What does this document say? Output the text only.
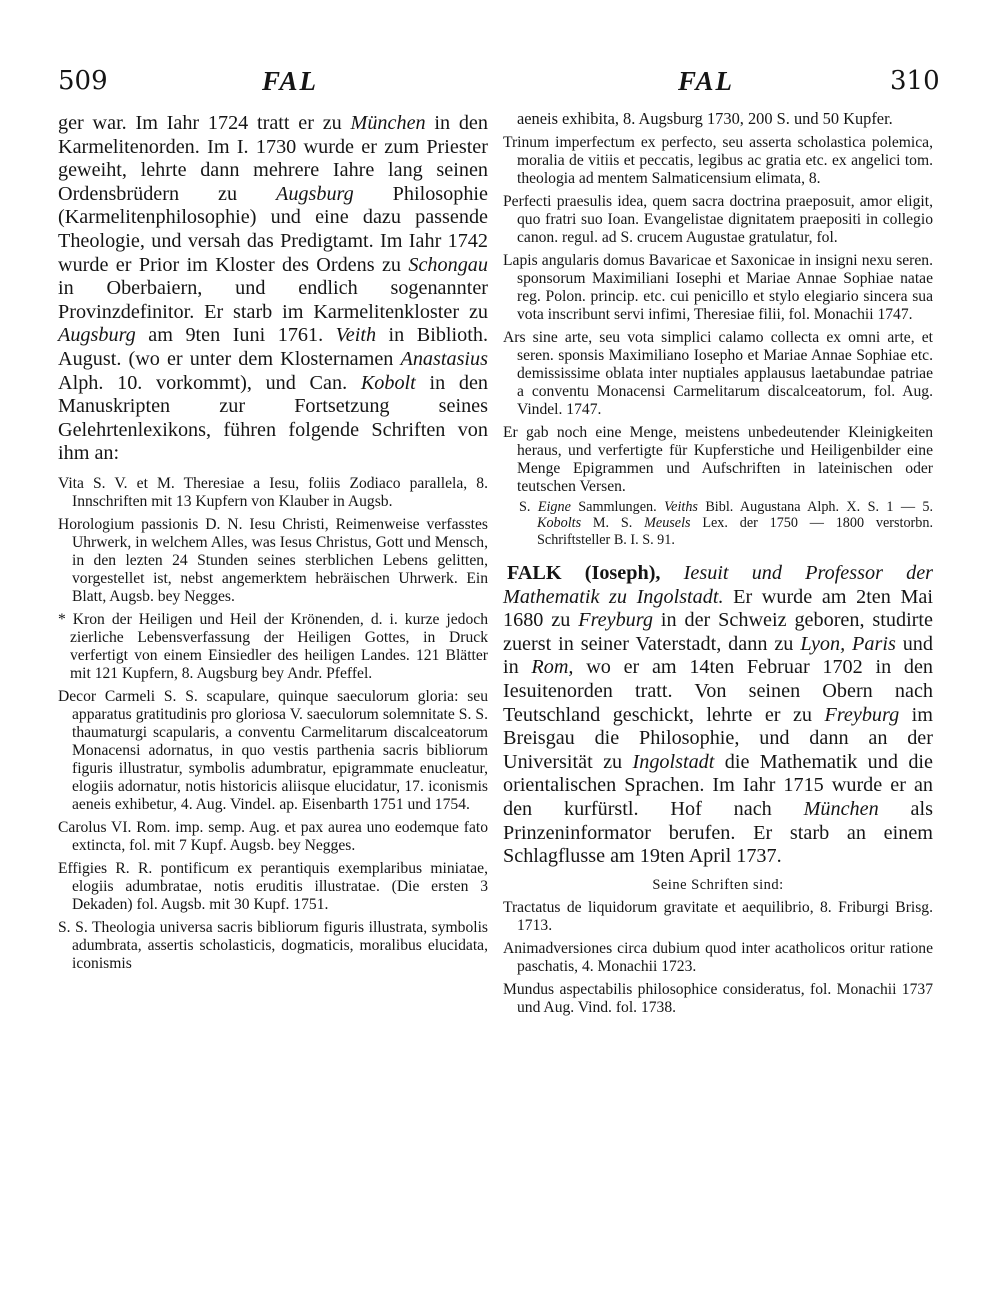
509	FAL	FAL	310
ger war. Im Iahr 1724 tratt er zu München in den Karmelitenorden. Im I. 1730 wurde er zum Priester geweiht, lehrte dann mehrere Iahre lang seinen Ordensbrüdern zu Augsburg Philosophie (Karmelitenphilosophie) und eine dazu passende Theologie, und versah das Predigtamt. Im Iahr 1742 wurde er Prior im Kloster des Ordens zu Schongau in Oberbaiern, und endlich sogenannter Provinzdefinitor. Er starb im Karmelitenkloster zu Augsburg am 9ten Iuni 1761. Veith in Biblioth. August. (wo er unter dem Klosternamen Anastasius Alph. 10. vorkommt), und Can. Kobolt in den Manuskripten zur Fortsetzung seines Gelehrtenlexikons, führen folgende Schriften von ihm an:
Vita S. V. et M. Theresiae a Iesu, foliis Zodiaco parallela, 8. Innschriften mit 13 Kupfern von Klauber in Augsb.
Horologium passionis D. N. Iesu Christi, Reimenweise verfasstes Uhrwerk, in welchem Alles, was Iesus Christus, Gott und Mensch, in den lezten 24 Stunden seines sterblichen Lebens gelitten, vorgestellet ist, nebst angemerktem hebräischen Uhrwerk. Ein Blatt, Augsb. bey Negges.
* Kron der Heiligen und Heil der Krönenden, d. i. kurze jedoch zierliche Lebensverfassung der Heiligen Gottes, in Druck verfertigt von einem Einsiedler des heiligen Landes. 121 Blätter mit 121 Kupfern, 8. Augsburg bey Andr. Pfeffel.
Decor Carmeli S. S. scapulare, quinque saeculorum gloria: seu apparatus gratitudinis pro gloriosa V. saeculorum solemnitate S. S. thaumaturgi scapularis, a conventu Carmelitarum discalceatorum Monacensi adornatus, in quo vestis parthenia sacris bibliorum figuris illustratur, symbolis adumbratur, epigrammate enucleatur, elogiis adornatur, notis historicis aliisque elucidatur, 17. iconismis aeneis exhibetur, 4. Aug. Vindel. ap. Eisenbarth 1751 und 1754.
Carolus VI. Rom. imp. semp. Aug. et pax aurea uno eodemque fato extincta, fol. mit 7 Kupf. Augsb. bey Negges.
Effigies R. R. pontificum ex perantiquis exemplaribus miniatae, elogiis adumbratae, notis eruditis illustratae. (Die ersten 3 Dekaden) fol. Augsb. mit 30 Kupf. 1751.
S. S. Theologia universa sacris bibliorum figuris illustrata, symbolis adumbrata, assertis scholasticis, dogmaticis, moralibus elucidata, iconismis
aeneis exhibita, 8. Augsburg 1730, 200 S. und 50 Kupfer.
Trinum imperfectum ex perfecto, seu asserta scholastica polemica, moralia de vitiis et peccatis, legibus ac gratia etc. ex angelici tom. theologia ad mentem Salmaticensium elimata, 8.
Perfecti praesulis idea, quem sacra doctrina praeposuit, amor eligit, quo fratri suo Ioan. Evangelistae dignitatem praepositi in collegio canon. regul. ad S. crucem Augustae gratulatur, fol.
Lapis angularis domus Bavaricae et Saxonicae in insigni nexu seren. sponsorum Maximiliani Iosephi et Mariae Annae Sophiae natae reg. Polon. princip. etc. cui penicillo et stylo elegiario sincera sua vota inscribunt servi infimi, Theresiae filii, fol. Monachii 1747.
Ars sine arte, seu vota simplici calamo collecta ex omni arte, et seren. sponsis Maximiliano Iosepho et Mariae Annae Sophiae etc. demississime oblata inter nuptiales applausus laetabundae patriae a conventu Monacensi Carmelitarum discalceatorum, fol. Aug. Vindel. 1747.
Er gab noch eine Menge, meistens unbedeutender Kleinigkeiten heraus, und verfertigte für Kupferstiche und Heiligenbilder eine Menge Epigrammen und Aufschriften in lateinischen oder teutschen Versen.
S. Eigne Sammlungen. Veiths Bibl. Augustana Alph. X. S. 1 — 5. Kobolts M. S. Meusels Lex. der 1750 — 1800 verstorbn. Schriftsteller B. I. S. 91.
FALK (Ioseph), Iesuit und Professor der Mathematik zu Ingolstadt. Er wurde am 2ten Mai 1680 zu Freyburg in der Schweiz geboren, studirte zuerst in seiner Vaterstadt, dann zu Lyon, Paris und in Rom, wo er am 14ten Februar 1702 in den Iesuitenorden tratt. Von seinen Obern nach Teutschland geschickt, lehrte er zu Freyburg im Breisgau die Philosophie, und dann an der Universität zu Ingolstadt die Mathematik und die orientalischen Sprachen. Im Iahr 1715 wurde er an den kurfürstl. Hof nach München als Prinzeninformator berufen. Er starb an einem Schlagflusse am 19ten April 1737.
Seine Schriften sind:
Tractatus de liquidorum gravitate et aequilibrio, 8. Friburgi Brisg. 1713.
Animadversiones circa dubium quod inter acatholicos oritur ratione paschatis, 4. Monachii 1723.
Mundus aspectabilis philosophice consideratus, fol. Monachii 1737 und Aug. Vind. fol. 1738.
